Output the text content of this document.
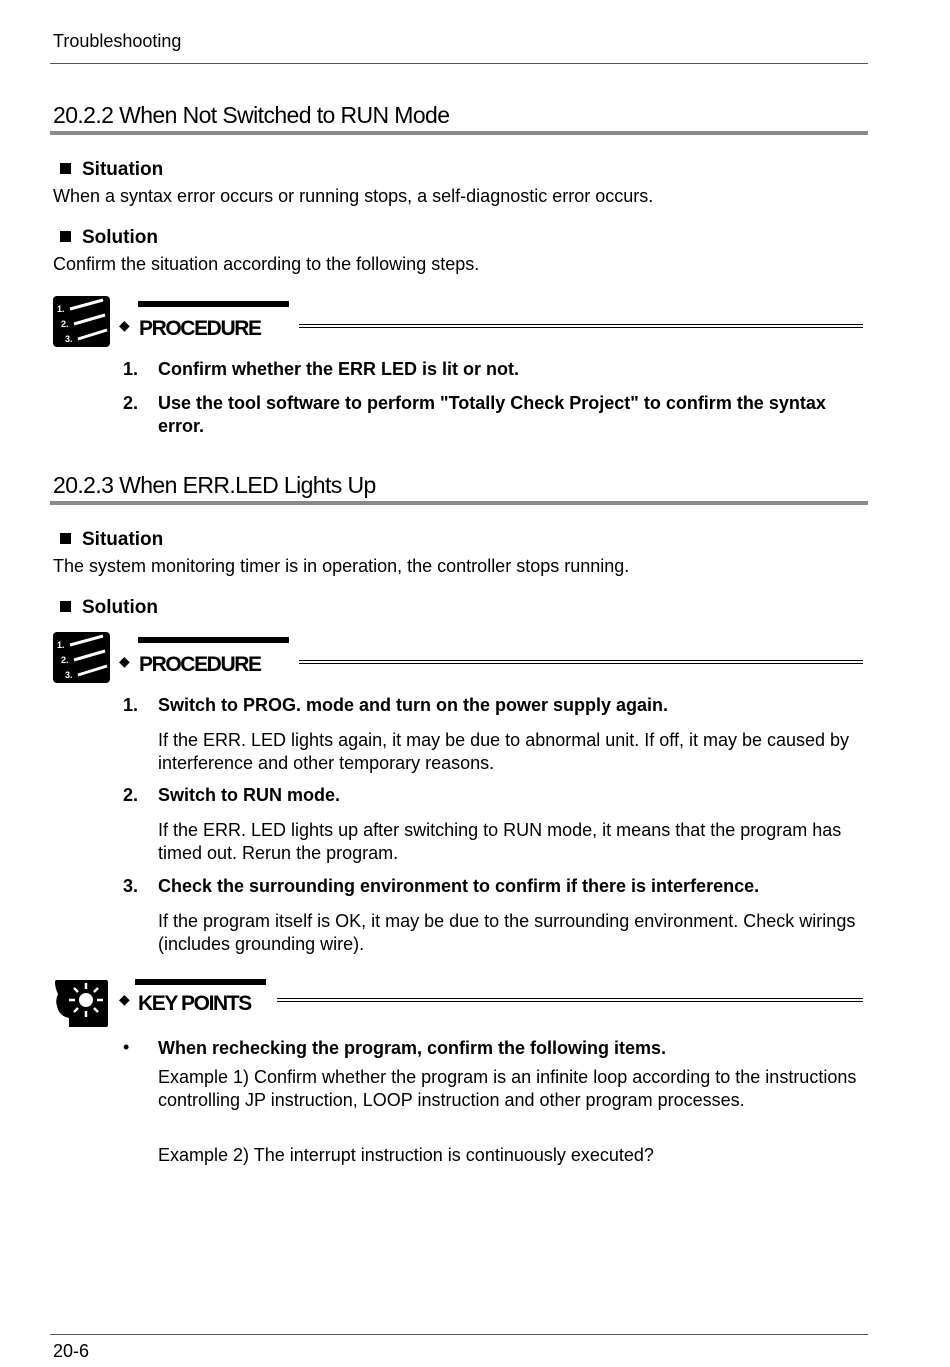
Troubleshooting
20.2.2 When Not Switched to RUN Mode
Situation
When a syntax error occurs or running stops, a self-diagnostic error occurs.
Solution
Confirm the situation according to the following steps.
1.
2.
3.
◆ PROCEDURE
1. Confirm whether the ERR LED is lit or not.
2. Use the tool software to perform "Totally Check Project" to confirm the syntax error.
20.2.3 When ERR.LED Lights Up
Situation
The system monitoring timer is in operation, the controller stops running.
Solution
1.
2.
3.
◆ PROCEDURE
1. Switch to PROG. mode and turn on the power supply again.
If the ERR. LED lights again, it may be due to abnormal unit. If off, it may be caused by interference and other temporary reasons.
2. Switch to RUN mode.
If the ERR. LED lights up after switching to RUN mode, it means that the program has timed out. Rerun the program.
3. Check the surrounding environment to confirm if there is interference.
If the program itself is OK, it may be due to the surrounding environment. Check wirings (includes grounding wire).
◆ KEY POINTS
• When rechecking the program, confirm the following items.
Example 1) Confirm whether the program is an infinite loop according to the instructions controlling JP instruction, LOOP instruction and other program processes.
Example 2) The interrupt instruction is continuously executed?
20-6
